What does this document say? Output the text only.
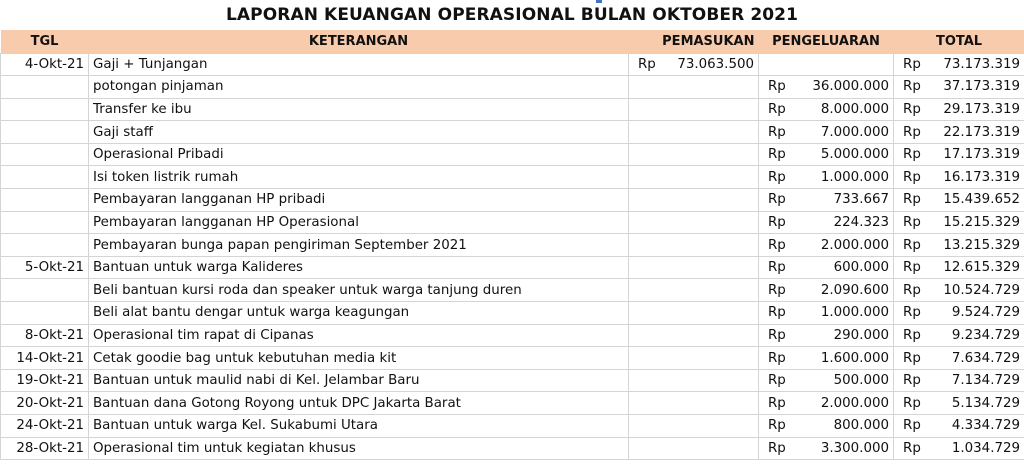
LAPORAN KEUANGAN OPERASIONAL BULAN OKTOBER 2021
TGL	KETERANGAN	PEMASUKAN		PENGELUARAN		TOTAL	
4-Okt-21	Gaji + Tunjangan	Rp	73.063.500			Rp	73.173.319
	potongan pinjaman			Rp	36.000.000	Rp	37.173.319
	Transfer ke ibu			Rp	8.000.000	Rp	29.173.319
	Gaji staff			Rp	7.000.000	Rp	22.173.319
	Operasional Pribadi			Rp	5.000.000	Rp	17.173.319
	Isi token listrik rumah			Rp	1.000.000	Rp	16.173.319
	Pembayaran langganan HP pribadi			Rp	733.667	Rp	15.439.652
	Pembayaran langganan HP Operasional			Rp	224.323	Rp	15.215.329
	Pembayaran bunga papan pengiriman September 2021			Rp	2.000.000	Rp	13.215.329
5-Okt-21	Bantuan untuk warga Kalideres			Rp	600.000	Rp	12.615.329
	Beli bantuan kursi roda dan speaker untuk warga tanjung duren			Rp	2.090.600	Rp	10.524.729
	Beli alat bantu dengar untuk warga keagungan			Rp	1.000.000	Rp	9.524.729
8-Okt-21	Operasional tim rapat di Cipanas			Rp	290.000	Rp	9.234.729
14-Okt-21	Cetak goodie bag untuk kebutuhan media kit			Rp	1.600.000	Rp	7.634.729
19-Okt-21	Bantuan untuk maulid nabi di Kel. Jelambar Baru			Rp	500.000	Rp	7.134.729
20-Okt-21	Bantuan dana Gotong Royong untuk DPC Jakarta Barat			Rp	2.000.000	Rp	5.134.729
24-Okt-21	Bantuan untuk warga Kel. Sukabumi Utara			Rp	800.000	Rp	4.334.729
28-Okt-21	Operasional tim untuk kegiatan khusus			Rp	3.300.000	Rp	1.034.729
